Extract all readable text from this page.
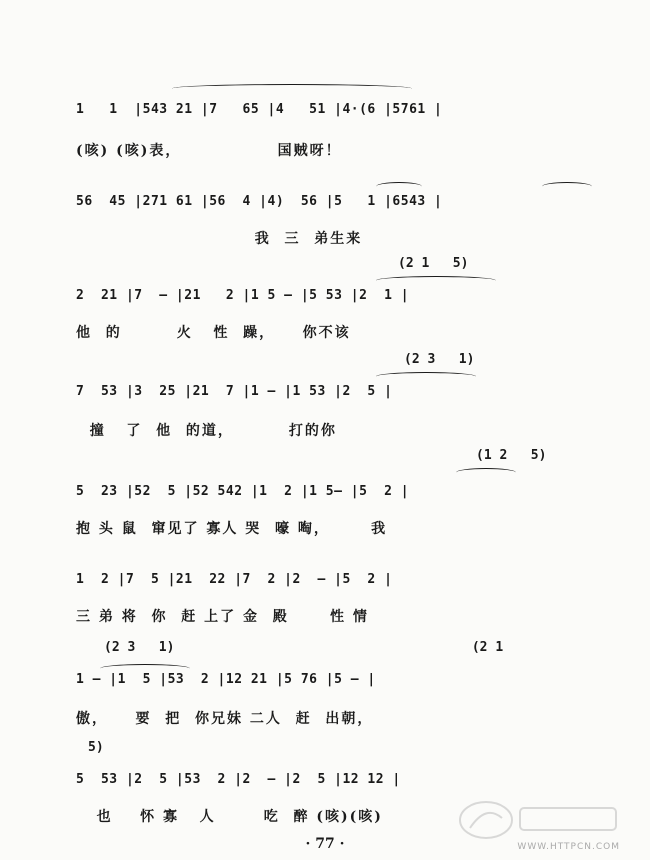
1   1  |543 21 |7   65 |4   51 |4·(6 |5761 |
(咳) (咳)表，              国贼呀！
56  45 |271 61 |56  4 |4)  56 |5   1 |6543 |
我  三  弟生来
(2 1   5)
2  21 |7  — |21   2 |1 5 — |5 53 |2  1 |
他  的        火   性  躁，    你不该
(2 3   1)
7  53 |3  25 |21  7 |1 — |1 53 |2  5 |
撞   了  他  的道，        打的你
(1 2   5)
5  23 |52  5 |52 542 |1  2 |1 5— |5  2 |
抱 头 鼠  窜见了 寡人 哭  嚎 啕，      我
1  2 |7  5 |21  22 |7  2 |2  — |5  2 |
三 弟 将  你  赶 上了 金  殿      性 情
(2 3   1)                                      (2 1
1 — |1  5 |53  2 |12 21 |5 76 |5 — |
傲，    要  把  你兄妹 二人  赶  出朝，
5)
5  53 |2  5 |53  2 |2  — |2  5 |12 12 |
也    怀 寡   人       吃  醉 (咳)(咳)
· 77 ·	WWW.HTTPCN.COM
